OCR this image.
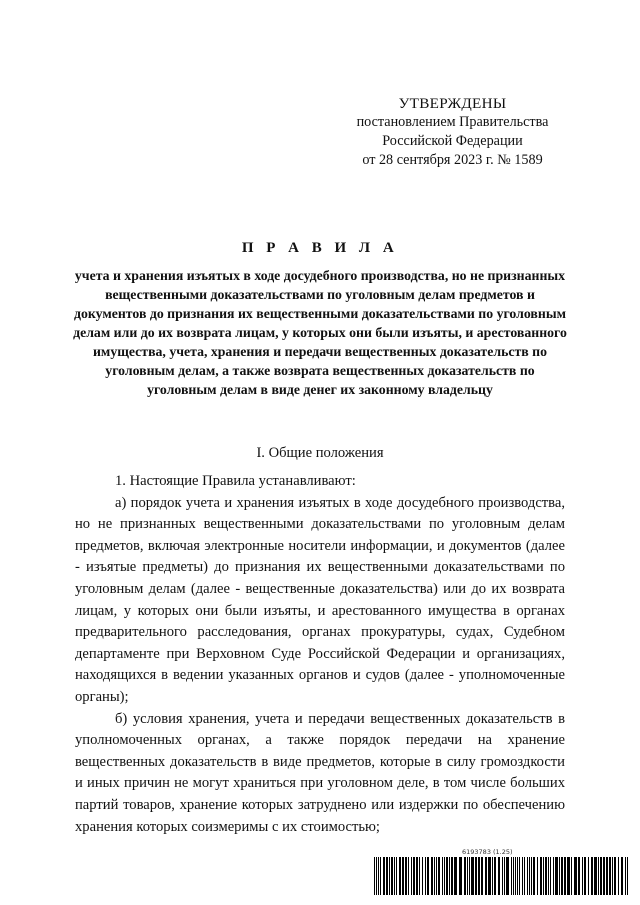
УТВЕРЖДЕНЫ
постановлением Правительства
Российской Федерации
от 28 сентября 2023 г. № 1589
П Р А В И Л А
учета и хранения изъятых в ходе досудебного производства, но не признанных вещественными доказательствами по уголовным делам предметов и документов до признания их вещественными доказательствами по уголовным делам или до их возврата лицам, у которых они были изъяты, и арестованного имущества, учета, хранения и передачи вещественных доказательств по уголовным делам, а также возврата вещественных доказательств по уголовным делам в виде денег их законному владельцу
I. Общие положения

1. Настоящие Правила устанавливают:

а) порядок учета и хранения изъятых в ходе досудебного производства, но не признанных вещественными доказательствами по уголовным делам предметов, включая электронные носители информации, и документов (далее - изъятые предметы) до признания их вещественными доказательствами по уголовным делам (далее - вещественные доказательства) или до их возврата лицам, у которых они были изъяты, и арестованного имущества в органах предварительного расследования, органах прокуратуры, судах, Судебном департаменте при Верховном Суде Российской Федерации и организациях, находящихся в ведении указанных органов и судов (далее - уполномоченные органы);

б) условия хранения, учета и передачи вещественных доказательств в уполномоченных органах, а также порядок передачи на хранение вещественных доказательств в виде предметов, которые в силу громоздкости и иных причин не могут храниться при уголовном деле, в том числе больших партий товаров, хранение которых затруднено или издержки по обеспечению хранения которых соизмеримы с их стоимостью;

6193783 (1.25)
